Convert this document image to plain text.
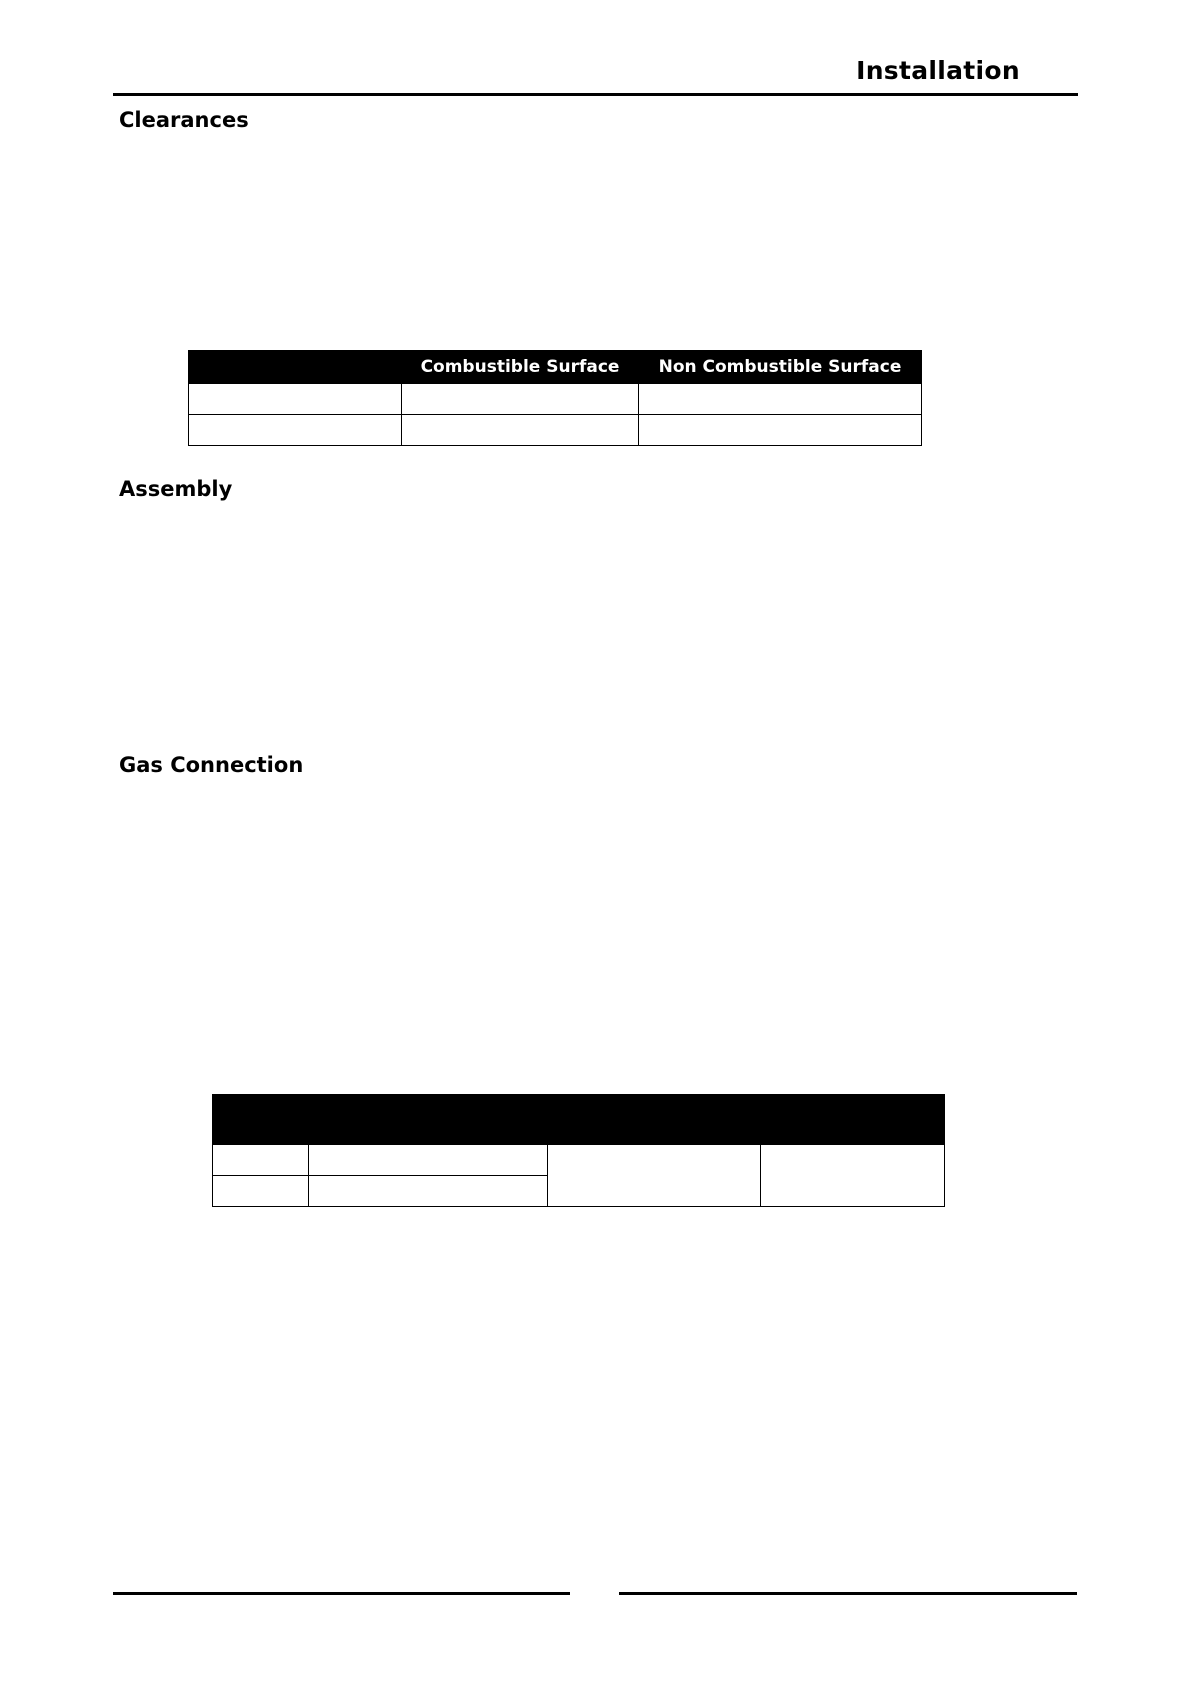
Installation
Clearances
	Combustible Surface	Non Combustible Surface

Assembly
Gas Connection
